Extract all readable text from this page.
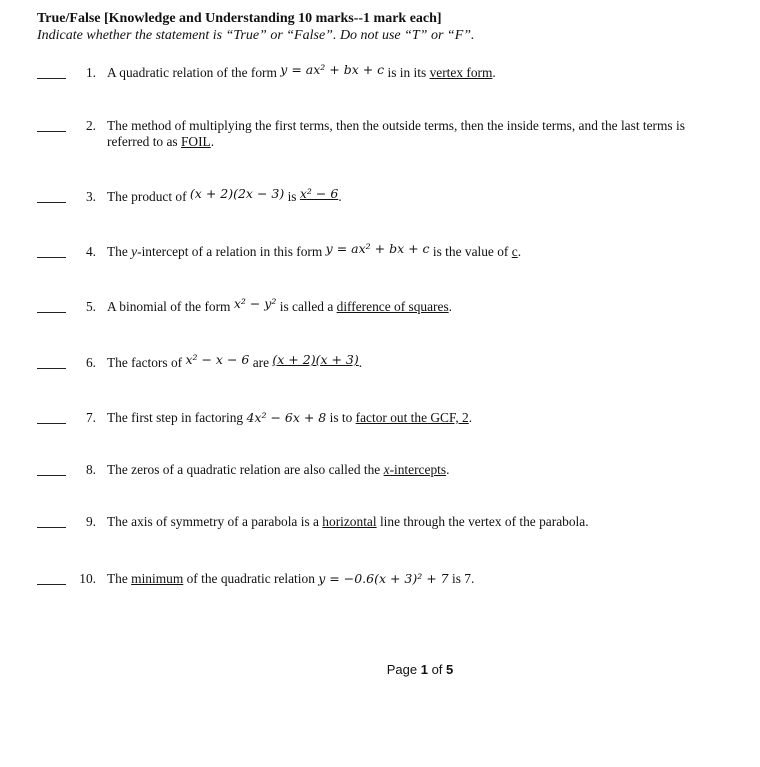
True/False [Knowledge and Understanding 10 marks--1 mark each]
Indicate whether the statement is “True” or “False”. Do not use “T” or “F”.
1. A quadratic relation of the form y = ax² + bx + c is in its vertex form.
2. The method of multiplying the first terms, then the outside terms, then the inside terms, and the last terms is referred to as FOIL.
3. The product of (x + 2)(2x − 3) is x² − 6.
4. The y-intercept of a relation in this form y = ax² + bx + c is the value of c.
5. A binomial of the form x² − y² is called a difference of squares.
6. The factors of x² − x − 6 are (x + 2)(x + 3).
7. The first step in factoring 4x² − 6x + 8 is to factor out the GCF, 2.
8. The zeros of a quadratic relation are also called the x-intercepts.
9. The axis of symmetry of a parabola is a horizontal line through the vertex of the parabola.
10. The minimum of the quadratic relation y = −0.6(x + 3)² + 7 is 7.
Page 1 of 5
